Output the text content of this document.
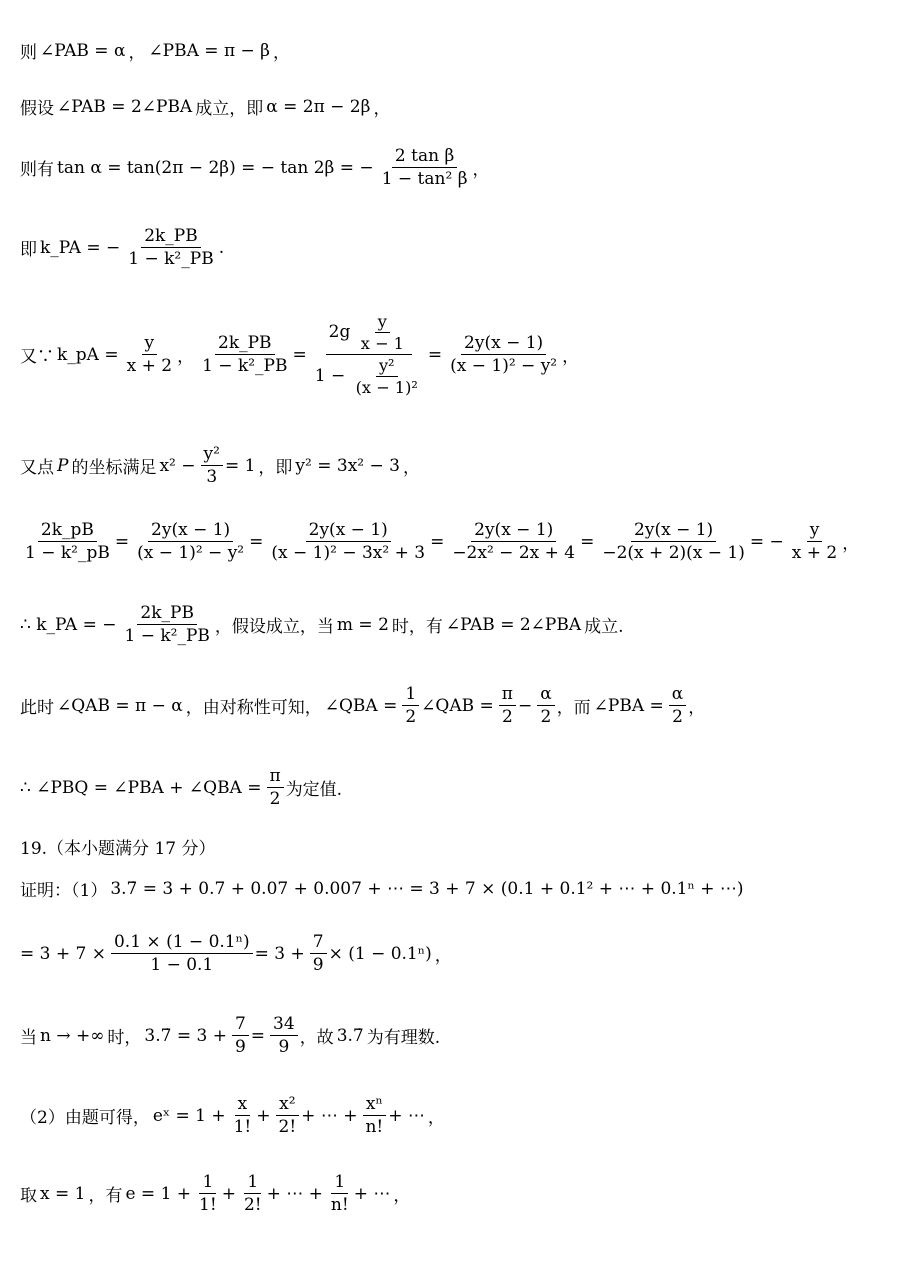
则 ∠PAB = α ， ∠PBA = π − β ，
假设 ∠PAB = 2∠PBA 成立，即 α = 2π − 2β ，
则有 tan α = tan(2π − 2β) = − tan 2β = − $\frac{\text{2 tan β}}{\text{1 − tan² β}}$ ，
即 k_PA = − $\frac{2k\_PB}{\text{1 − k²\_PB}}$ .
又∵ k_pA = $\frac{y}{x + 2}$ ， $\frac{2k\_PB}{\text{1 − k²\_PB}} = \frac{2g \frac{y}{x - 1}}{1 - \frac{\text{y²}}{\text{(x − 1)²}}} = \frac{2y(x - 1)}{\text{(x − 1)² − y²}}$ ，
又点 P 的坐标满足 $x^2 - \frac{\text{y²}}{3} = 1$ ，即 y² = 3x² − 3 ，
$\frac{2k\_pB}{\text{1 − k²\_pB}} = \frac{2y(x - 1)}{\text{(x − 1)² − y²}} = \frac{2y(x - 1)}{\text{(x − 1)² − 3x² + 3}} = \frac{2y(x - 1)}{\text{−2x² − 2x + 4}} = \frac{2y(x - 1)}{-2(x + 2)(x - 1)}$ = − $\frac{y}{x + 2}$ ，
∴ k_PA = − $\frac{2k\_PB}{\text{1 − k²\_PB}}$ ，假设成立，当 m = 2 时，有 ∠PAB = 2∠PBA 成立.
此时 ∠QAB = π − α ，由对称性可知， ∠QBA = $\frac{1}{2}$ ∠QAB = $\frac{\pi}{2} - \frac{\alpha}{2}$ ，而 ∠PBA = $\frac{\alpha}{2}$ ，
∴ ∠PBQ = ∠PBA + ∠QBA = $\frac{\pi}{2}$ 为定值.
19.（本小题满分 17 分）
证明：（1） 3.7̇ = 3 + 0.7 + 0.07 + 0.007 + ⋯ = 3 + 7 × (0.1 + 0.1² + ⋯ + 0.1ⁿ + ⋯)
= $3 + 7 \times \frac{\text{0.1 × (1 − 0.1ⁿ)}}{1 - 0.1} = 3 + \frac{7}{9} \times (1 - 0.1^n)$ ，
当 n → +∞ 时， 3.7̇ = $3 + \frac{7}{9} = \frac{34}{9}$ ，故 3.7̇ 为有理数.
（2）由题可得， eˣ = $1 + \frac{x}{1!} + \frac{\text{x²}}{2!}$ + ⋯ + $\frac{\text{xⁿ}}{n!}$ + ⋯ ，
取 x = 1 ，有 $e = 1 + \frac{1}{1!} + \frac{1}{2!}$ + ⋯ + $\frac{1}{n!}$ + ⋯ ，
